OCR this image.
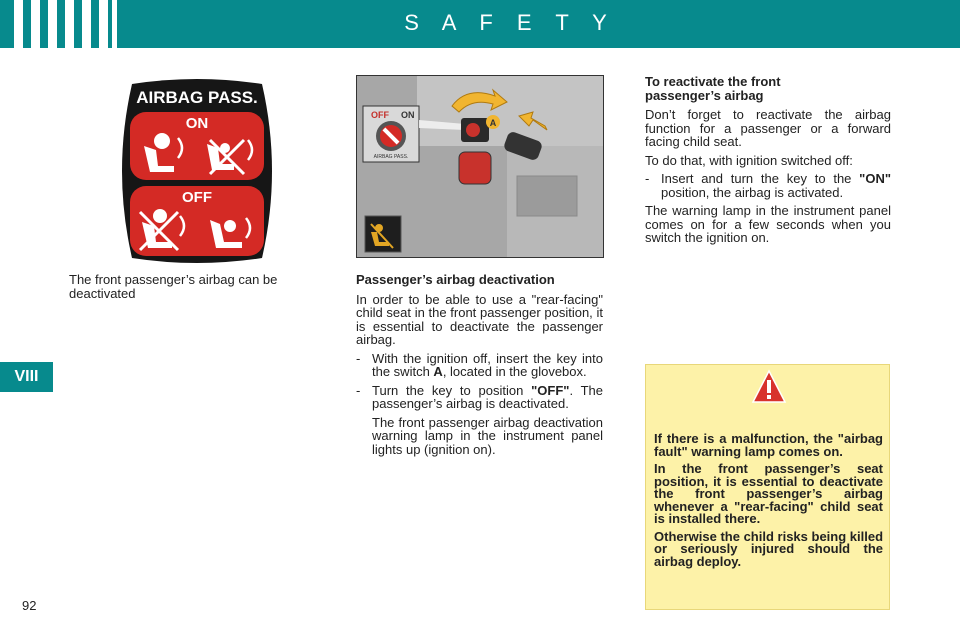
S A F E T Y
VIII
92
AIRBAG PASS.
ON
OFF
OFF ON
AIRBAG PASS.
A
The front passenger’s airbag can be deactivated
Passenger’s airbag deactivation

In order to be able to use a "rear-facing" child seat in the front passenger position, it is essential to deactivate the passenger airbag.

- With the ignition off, insert the key into the switch A, located in the glovebox.
- Turn the key to position "OFF". The passenger’s airbag is deactivated.
The front passenger airbag deactivation warning lamp in the instrument panel lights up (ignition on).
To reactivate the front passenger’s airbag

Don’t forget to reactivate the airbag function for a passenger or a forward facing child seat.

To do that, with ignition switched off:

- Insert and turn the key to the "ON" position, the airbag is activated.

The warning lamp in the instrument panel comes on for a few seconds when you switch the ignition on.

If there is a malfunction, the "airbag fault" warning lamp comes on.

In the front passenger’s seat position, it is essential to deactivate the front passenger’s airbag whenever a "rear-facing" child seat is installed there.

Otherwise the child risks being killed or seriously injured should the airbag deploy.
